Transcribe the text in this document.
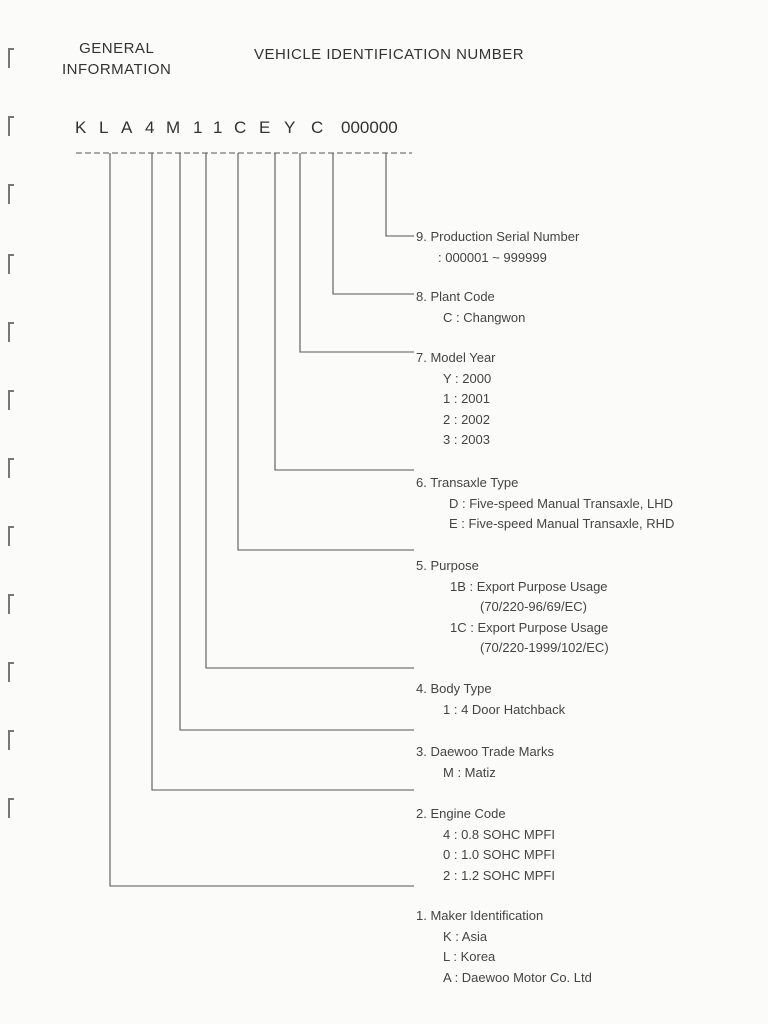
GENERAL
INFORMATION
VEHICLE IDENTIFICATION NUMBER
K L A 4 M 1 1 C E Y C 000000
9. Production Serial Number
: 000001 ~ 999999
8. Plant Code
C : Changwon
7. Model Year
Y : 2000
1 : 2001
2 : 2002
3 : 2003
6. Transaxle Type
D : Five-speed Manual Transaxle, LHD
E : Five-speed Manual Transaxle, RHD
5. Purpose
1B : Export Purpose Usage
(70/220-96/69/EC)
1C : Export Purpose Usage
(70/220-1999/102/EC)
4. Body Type
1 : 4 Door Hatchback
3. Daewoo Trade Marks
M : Matiz
2. Engine Code
4 : 0.8 SOHC MPFI
0 : 1.0 SOHC MPFI
2 : 1.2 SOHC MPFI
1. Maker Identification
K : Asia
L : Korea
A : Daewoo Motor Co. Ltd
